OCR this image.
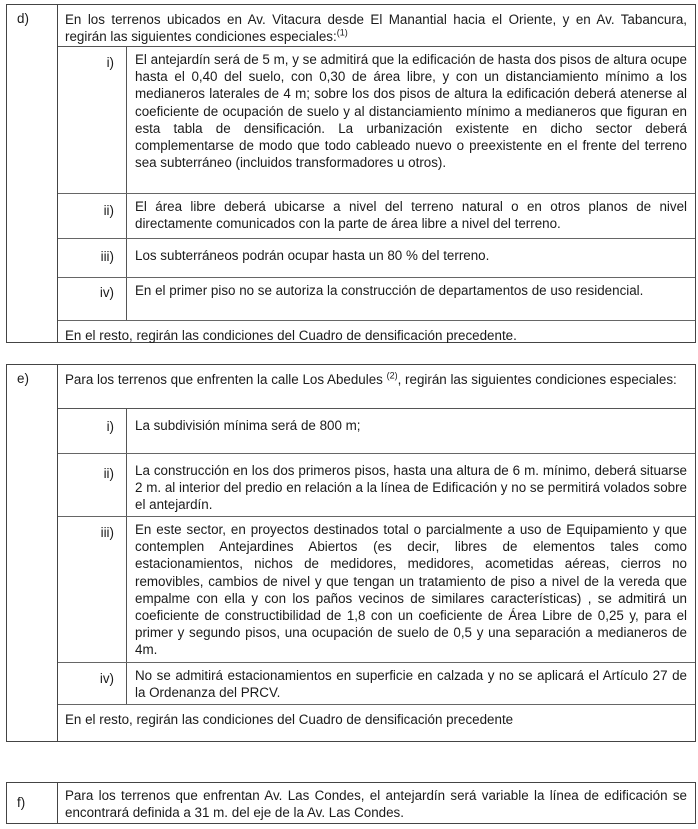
d)	En los terrenos ubicados en Av. Vitacura desde El Manantial hacia el Oriente, y en Av. Tabancura, regirán las siguientes condiciones especiales:$^{(1)}$
i)	El antejardín será de 5 m, y se admitirá que la edificación de hasta dos pisos de altura ocupe hasta el 0,40 del suelo, con 0,30 de área libre, y con un distanciamiento mínimo a los medianeros laterales de 4 m; sobre los dos pisos de altura la edificación deberá atenerse al coeficiente de ocupación de suelo y al distanciamiento mínimo a medianeros que figuran en esta tabla de densificación. La urbanización existente en dicho sector deberá complementarse de modo que todo cableado nuevo o preexistente en el frente del terreno sea subterráneo (incluidos transformadores u otros).
ii)	El área libre deberá ubicarse a nivel del terreno natural o en otros planos de nivel directamente comunicados con la parte de área libre a nivel del terreno.
iii)	Los subterráneos podrán ocupar hasta un 80 % del terreno.
iv)	En el primer piso no se autoriza la construcción de departamentos de uso residencial.
En el resto, regirán las condiciones del Cuadro de densificación precedente.
e)	Para los terrenos que enfrenten la calle Los Abedules $^{(2)}$, regirán las siguientes condiciones especiales:
i)	La subdivisión mínima será de 800 m;
ii)	La construcción en los dos primeros pisos, hasta una altura de 6 m. mínimo, deberá situarse 2 m. al interior del predio en relación a la línea de Edificación y no se permitirá volados sobre el antejardín.
iii)	En este sector, en proyectos destinados total o parcialmente a uso de Equipamiento y que contemplen Antejardines Abiertos (es decir, libres de elementos tales como estacionamientos, nichos de medidores, medidores, acometidas aéreas, cierros no removibles, cambios de nivel y que tengan un tratamiento de piso a nivel de la vereda que empalme con ella y con los paños vecinos de similares características) , se admitirá un coeficiente de constructibilidad de 1,8 con un coeficiente de Área Libre de 0,25 y, para el primer y segundo pisos, una ocupación de suelo de 0,5 y una separación a medianeros de 4m.
iv)	No se admitirá estacionamientos en superficie en calzada y no se aplicará el Artículo 27 de la Ordenanza del PRCV.
En el resto, regirán las condiciones del Cuadro de densificación precedente
f)	Para los terrenos que enfrentan Av. Las Condes, el antejardín será variable la línea de edificación se encontrará definida a 31 m. del eje de la Av. Las Condes.
